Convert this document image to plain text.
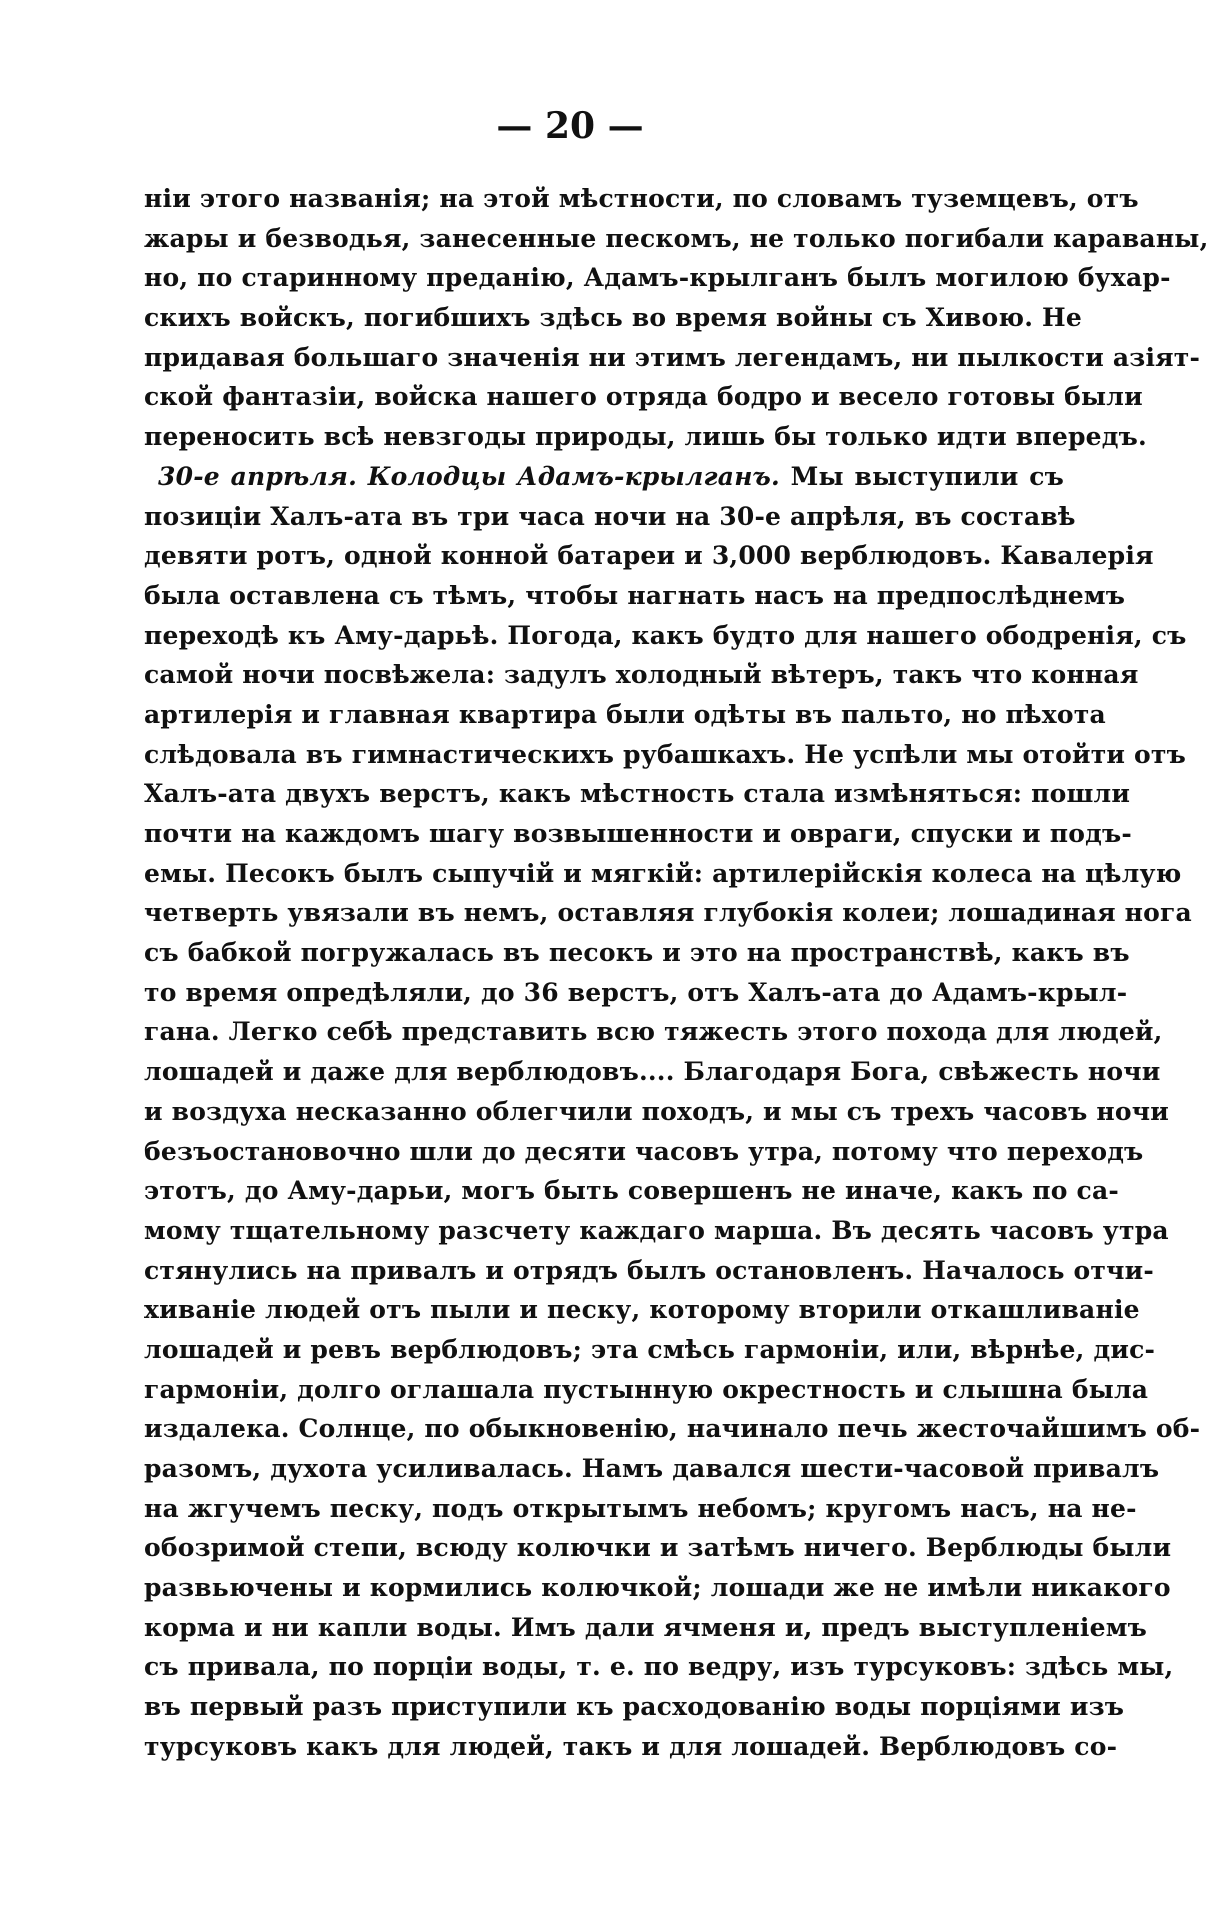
— 20 —
нiи этого названiя; на этой мѣстности, по словамъ туземцевъ, отъ
жары и безводья, занесенные пескомъ, не только погибали караваны,
но, по старинному преданiю, Адамъ-крылганъ былъ могилою бухар-
скихъ войскъ, погибшихъ здѣсь во время войны съ Хивою. Не
придавая большаго значенiя ни этимъ легендамъ, ни пылкости азiят-
ской фантазiи, войска нашего отряда бодро и весело готовы были
переносить всѣ невзгоды природы, лишь бы только идти впередъ.
30-е апрѣля. Колодцы Адамъ-крылганъ. Мы выступили съ
позицiи Халъ-ата въ три часа ночи на 30-е апрѣля, въ составѣ
девяти ротъ, одной конной батареи и 3,000 верблюдовъ. Кавалерiя
была оставлена съ тѣмъ, чтобы нагнать насъ на предпослѣднемъ
переходѣ къ Аму-дарьѣ. Погода, какъ будто для нашего ободренiя, съ
самой ночи посвѣжела: задулъ холодный вѣтеръ, такъ что конная
артилерiя и главная квартира были одѣты въ пальто, но пѣхота
слѣдовала въ гимнастическихъ рубашкахъ. Не успѣли мы отойти отъ
Халъ-ата двухъ верстъ, какъ мѣстность стала измѣняться: пошли
почти на каждомъ шагу возвышенности и овраги, спуски и подъ-
емы. Песокъ былъ сыпучiй и мягкiй: артилерiйскiя колеса на цѣлую
четверть увязали въ немъ, оставляя глубокiя колеи; лошадиная нога
съ бабкой погружалась въ песокъ и это на пространствѣ, какъ въ
то время опредѣляли, до 36 верстъ, отъ Халъ-ата до Адамъ-крыл-
гана. Легко себѣ представить всю тяжесть этого похода для людей,
лошадей и даже для верблюдовъ.... Благодаря Бога, свѣжесть ночи
и воздуха несказанно облегчили походъ, и мы съ трехъ часовъ ночи
безъостановочно шли до десяти часовъ утра, потому что переходъ
этотъ, до Аму-дарьи, могъ быть совершенъ не иначе, какъ по са-
мому тщательному разсчету каждаго марша. Въ десять часовъ утра
стянулись на привалъ и отрядъ былъ остановленъ. Началось отчи-
хиванiе людей отъ пыли и песку, которому вторили откашливанiе
лошадей и ревъ верблюдовъ; эта смѣсь гармонiи, или, вѣрнѣе, дис-
гармонiи, долго оглашала пустынную окрестность и слышна была
издалека. Солнце, по обыкновенiю, начинало печь жесточайшимъ об-
разомъ, духота усиливалась. Намъ давался шести-часовой привалъ
на жгучемъ песку, подъ открытымъ небомъ; кругомъ насъ, на не-
обозримой степи, всюду колючки и затѣмъ ничего. Верблюды были
развьючены и кормились колючкой; лошади же не имѣли никакого
корма и ни капли воды. Имъ дали ячменя и, предъ выступленiемъ
съ привала, по порцiи воды, т. е. по ведру, изъ турсуковъ: здѣсь мы,
въ первый разъ приступили къ расходованiю воды порцiями изъ
турсуковъ какъ для людей, такъ и для лошадей. Верблюдовъ со-
